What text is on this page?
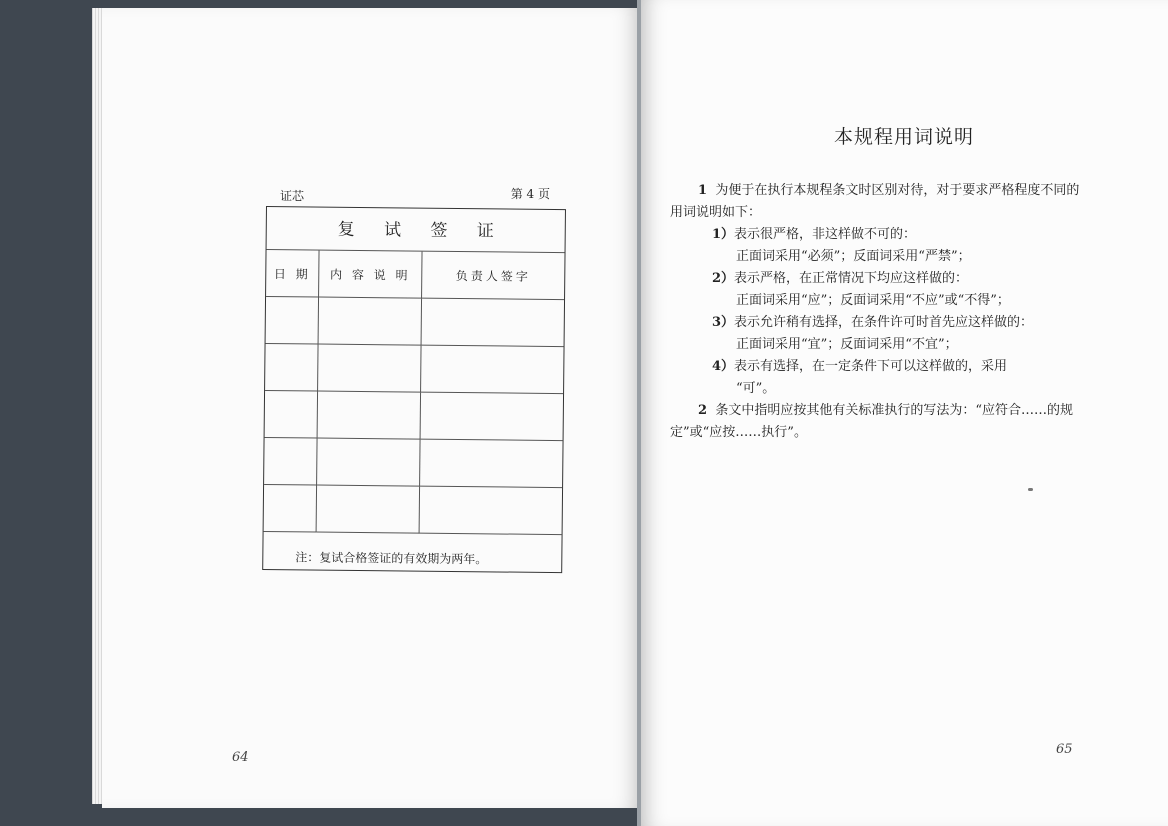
证芯	第 4 页
复 试 签 证
日 期	内 容 说 明	负责人签字

注：复试合格签证的有效期为两年。
64
本规程用词说明

1 为便于在执行本规程条文时区别对待，对于要求严格程度不同的用词说明如下：

1）表示很严格，非这样做不可的：

正面词采用“必须”；反面词采用“严禁”；

2）表示严格，在正常情况下均应这样做的：

正面词采用“应”；反面词采用“不应”或“不得”；

3）表示允许稍有选择，在条件许可时首先应这样做的：

正面词采用“宜”；反面词采用“不宜”；

4）表示有选择，在一定条件下可以这样做的，采用

“可”。

2 条文中指明应按其他有关标准执行的写法为：“应符合……的规定”或“应按……执行”。

65
